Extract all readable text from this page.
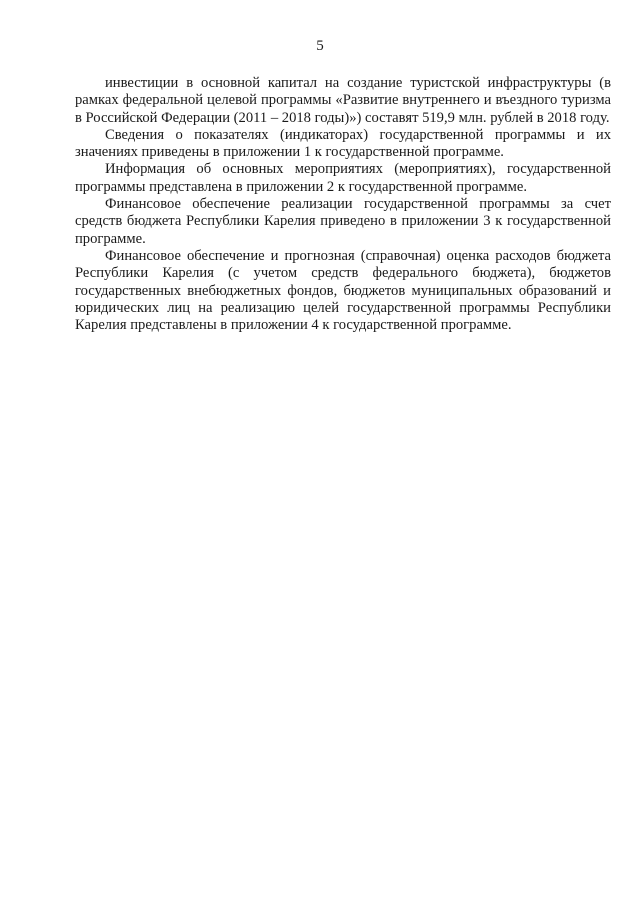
5

инвестиции в основной капитал на создание туристской инфраструктуры (в рамках федеральной целевой программы «Развитие внутреннего и въездного туризма в Российской Федерации (2011 – 2018 годы)») составят 519,9 млн. рублей в 2018 году.

Сведения о показателях (индикаторах) государственной программы и их значениях приведены в приложении 1 к государственной программе.

Информация об основных мероприятиях (мероприятиях), государственной программы представлена в приложении 2 к государственной программе.

Финансовое обеспечение реализации государственной программы за счет средств бюджета Республики Карелия приведено в приложении 3 к государственной программе.

Финансовое обеспечение и прогнозная (справочная) оценка расходов бюджета Республики Карелия (с учетом средств федерального бюджета), бюджетов государственных внебюджетных фондов, бюджетов муниципальных образований и юридических лиц на реализацию целей государственной программы Республики Карелия представлены в приложении 4 к государственной программе.
